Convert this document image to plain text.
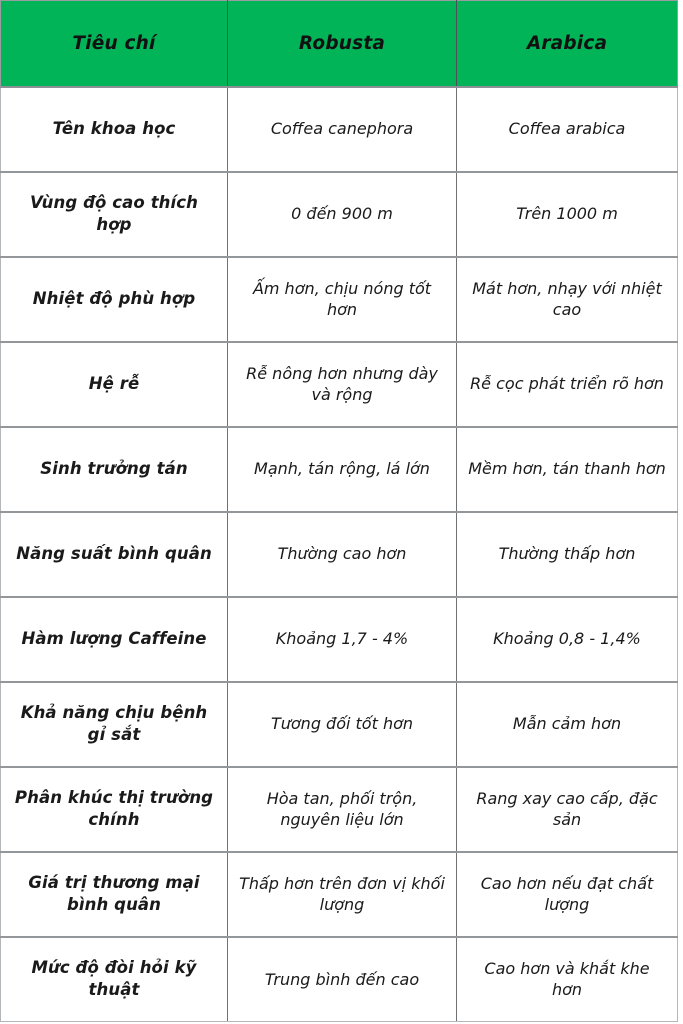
Tiêu chí	Robusta	Arabica
Tên khoa học	Coffea canephora	Coffea arabica
Vùng độ cao thích hợp	0 đến 900 m	Trên 1000 m
Nhiệt độ phù hợp	Ấm hơn, chịu nóng tốt hơn	Mát hơn, nhạy với nhiệt cao
Hệ rễ	Rễ nông hơn nhưng dày và rộng	Rễ cọc phát triển rõ hơn
Sinh trưởng tán	Mạnh, tán rộng, lá lớn	Mềm hơn, tán thanh hơn
Năng suất bình quân	Thường cao hơn	Thường thấp hơn
Hàm lượng Caffeine	Khoảng 1,7 - 4%	Khoảng 0,8 - 1,4%
Khả năng chịu bệnh gỉ sắt	Tương đối tốt hơn	Mẫn cảm hơn
Phân khúc thị trường chính	Hòa tan, phối trộn, nguyên liệu lớn	Rang xay cao cấp, đặc sản
Giá trị thương mại bình quân	Thấp hơn trên đơn vị khối lượng	Cao hơn nếu đạt chất lượng
Mức độ đòi hỏi kỹ thuật	Trung bình đến cao	Cao hơn và khắt khe hơn
